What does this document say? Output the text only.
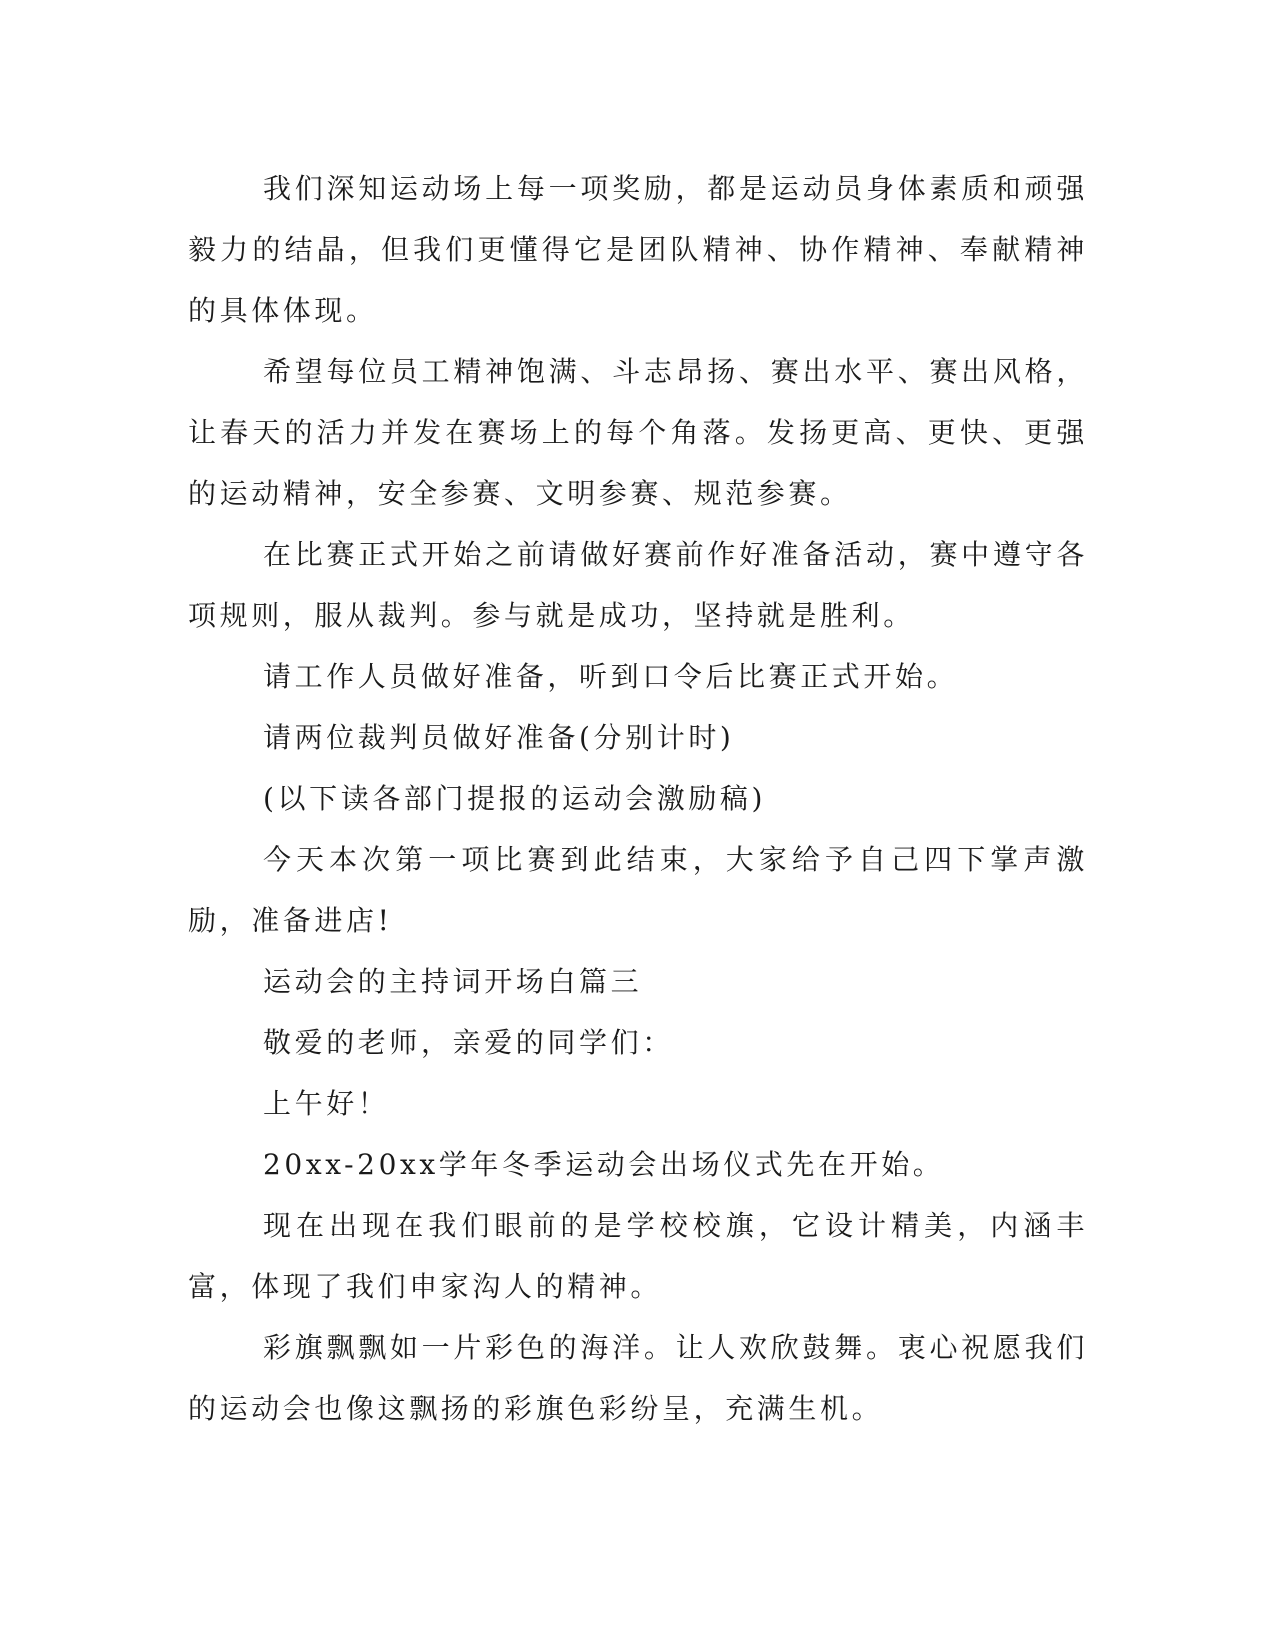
我们深知运动场上每一项奖励，都是运动员身体素质和顽强毅力的结晶，但我们更懂得它是团队精神、协作精神、奉献精神的具体体现。

希望每位员工精神饱满、斗志昂扬、赛出水平、赛出风格，让春天的活力并发在赛场上的每个角落。发扬更高、更快、更强的运动精神，安全参赛、文明参赛、规范参赛。

在比赛正式开始之前请做好赛前作好准备活动，赛中遵守各项规则，服从裁判。参与就是成功，坚持就是胜利。

请工作人员做好准备，听到口令后比赛正式开始。

请两位裁判员做好准备(分别计时)

(以下读各部门提报的运动会激励稿)

今天本次第一项比赛到此结束，大家给予自己四下掌声激励，准备进店!

运动会的主持词开场白篇三

敬爱的老师，亲爱的同学们：

上午好！

20xx-20xx学年冬季运动会出场仪式先在开始。

现在出现在我们眼前的是学校校旗，它设计精美，内涵丰富，体现了我们申家沟人的精神。

彩旗飘飘如一片彩色的海洋。让人欢欣鼓舞。衷心祝愿我们的运动会也像这飘扬的彩旗色彩纷呈，充满生机。
